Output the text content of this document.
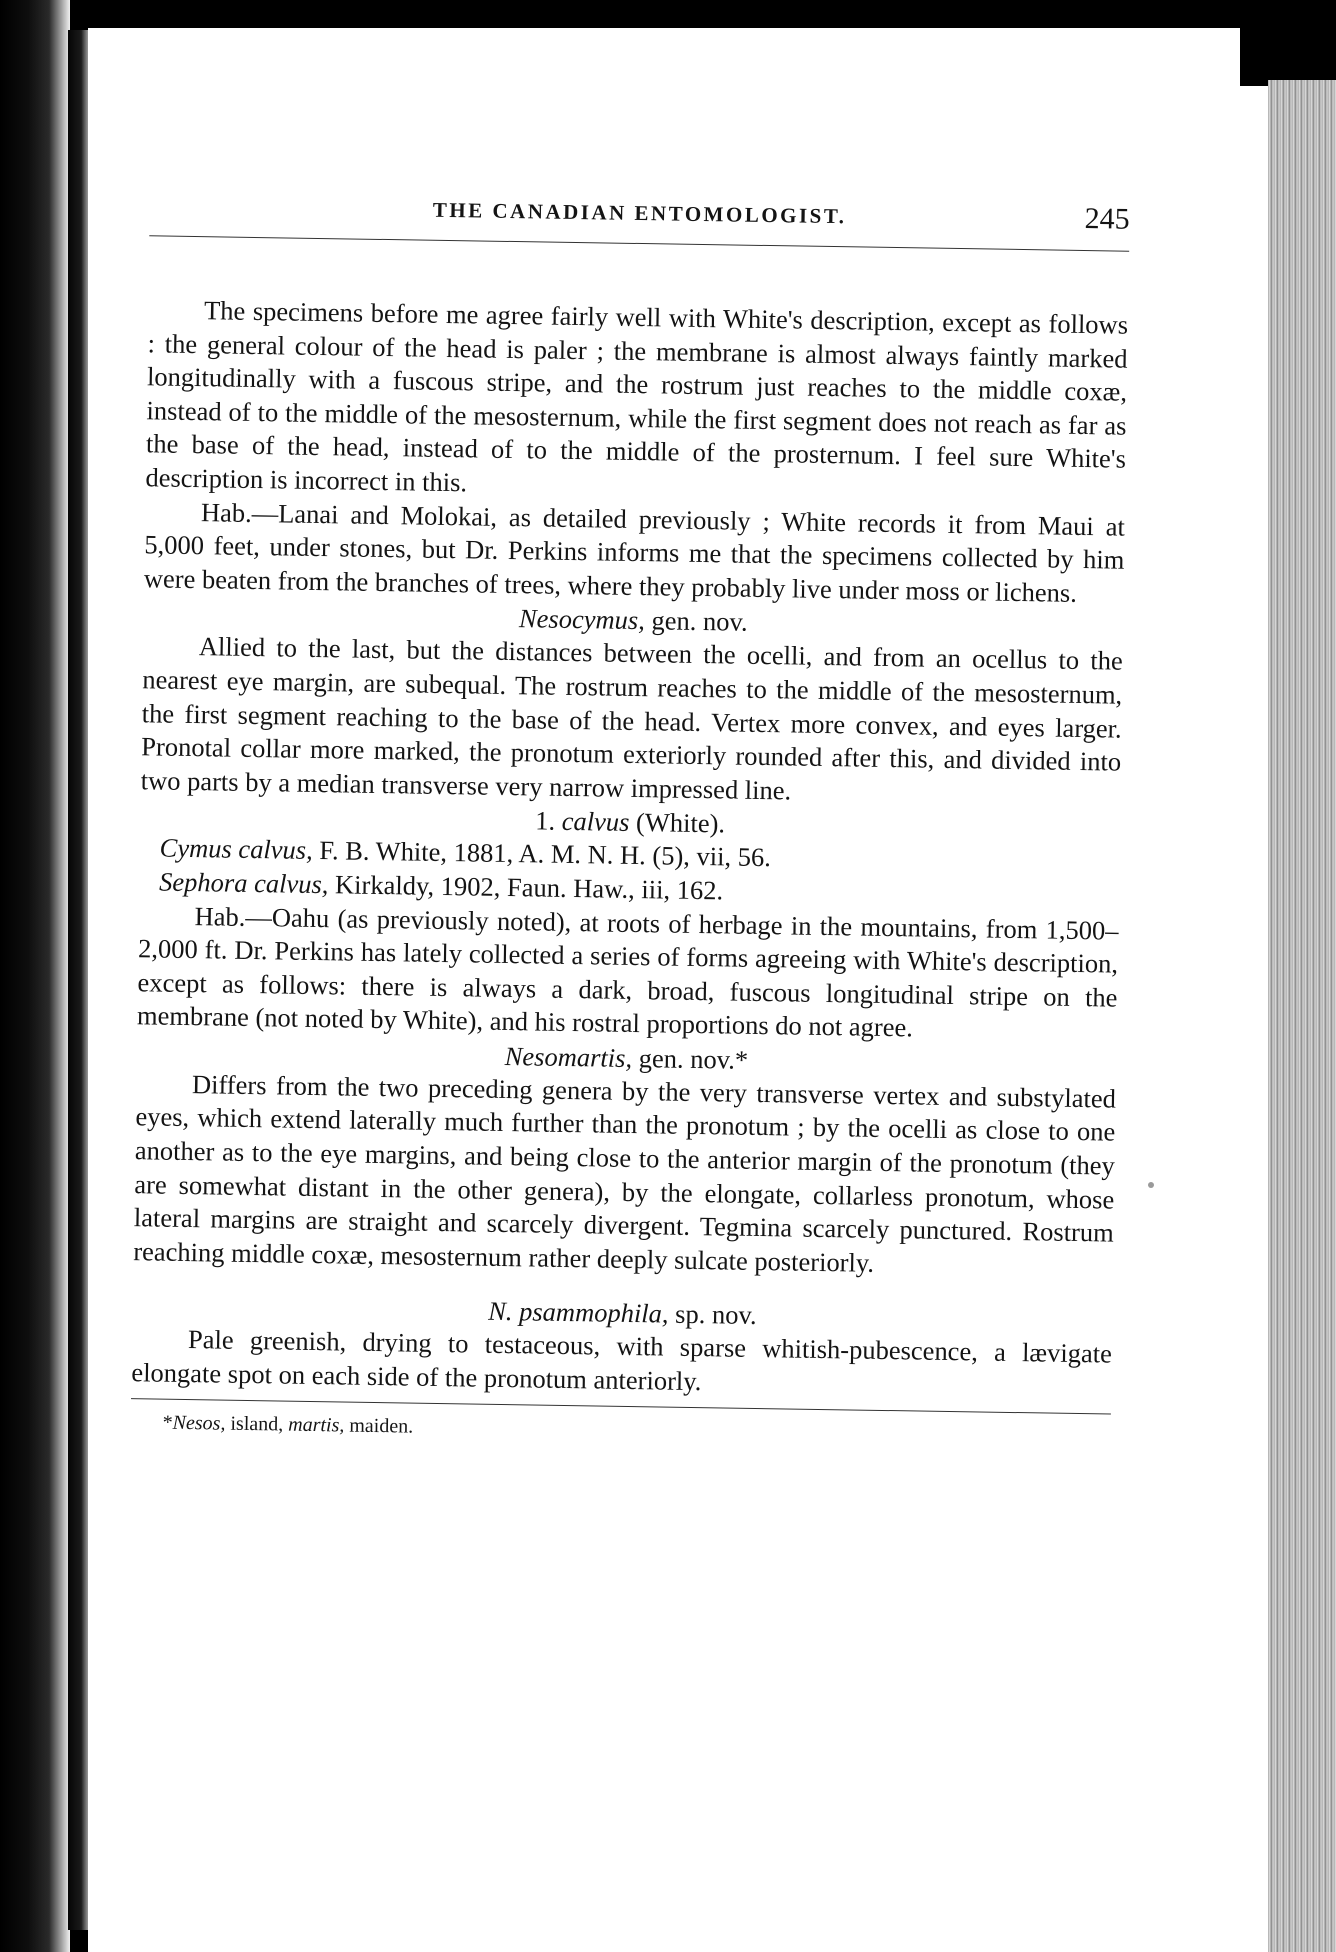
THE CANADIAN ENTOMOLOGIST.	245

The specimens before me agree fairly well with White's description, except as follows : the general colour of the head is paler ; the membrane is almost always faintly marked longitudinally with a fuscous stripe, and the rostrum just reaches to the middle coxæ, instead of to the middle of the mesosternum, while the first segment does not reach as far as the base of the head, instead of to the middle of the prosternum. I feel sure White's description is incorrect in this.

Hab.—Lanai and Molokai, as detailed previously ; White records it from Maui at 5,000 feet, under stones, but Dr. Perkins informs me that the specimens collected by him were beaten from the branches of trees, where they probably live under moss or lichens.

Nesocymus, gen. nov.

Allied to the last, but the distances between the ocelli, and from an ocellus to the nearest eye margin, are subequal. The rostrum reaches to the middle of the mesosternum, the first segment reaching to the base of the head. Vertex more convex, and eyes larger. Pronotal collar more marked, the pronotum exteriorly rounded after this, and divided into two parts by a median transverse very narrow impressed line.

1. calvus (White).
Cymus calvus, F. B. White, 1881, A. M. N. H. (5), vii, 56.
Sephora calvus, Kirkaldy, 1902, Faun. Haw., iii, 162.

Hab.—Oahu (as previously noted), at roots of herbage in the mountains, from 1,500–2,000 ft. Dr. Perkins has lately collected a series of forms agreeing with White's description, except as follows: there is always a dark, broad, fuscous longitudinal stripe on the membrane (not noted by White), and his rostral proportions do not agree.

Nesomartis, gen. nov.*

Differs from the two preceding genera by the very transverse vertex and substylated eyes, which extend laterally much further than the pronotum ; by the ocelli as close to one another as to the eye margins, and being close to the anterior margin of the pronotum (they are somewhat distant in the other genera), by the elongate, collarless pronotum, whose lateral margins are straight and scarcely divergent. Tegmina scarcely punctured. Rostrum reaching middle coxæ, mesosternum rather deeply sulcate posteriorly.

N. psammophila, sp. nov.

Pale greenish, drying to testaceous, with sparse whitish-pubescence, a lævigate elongate spot on each side of the pronotum anteriorly.

*Nesos, island, martis, maiden.
